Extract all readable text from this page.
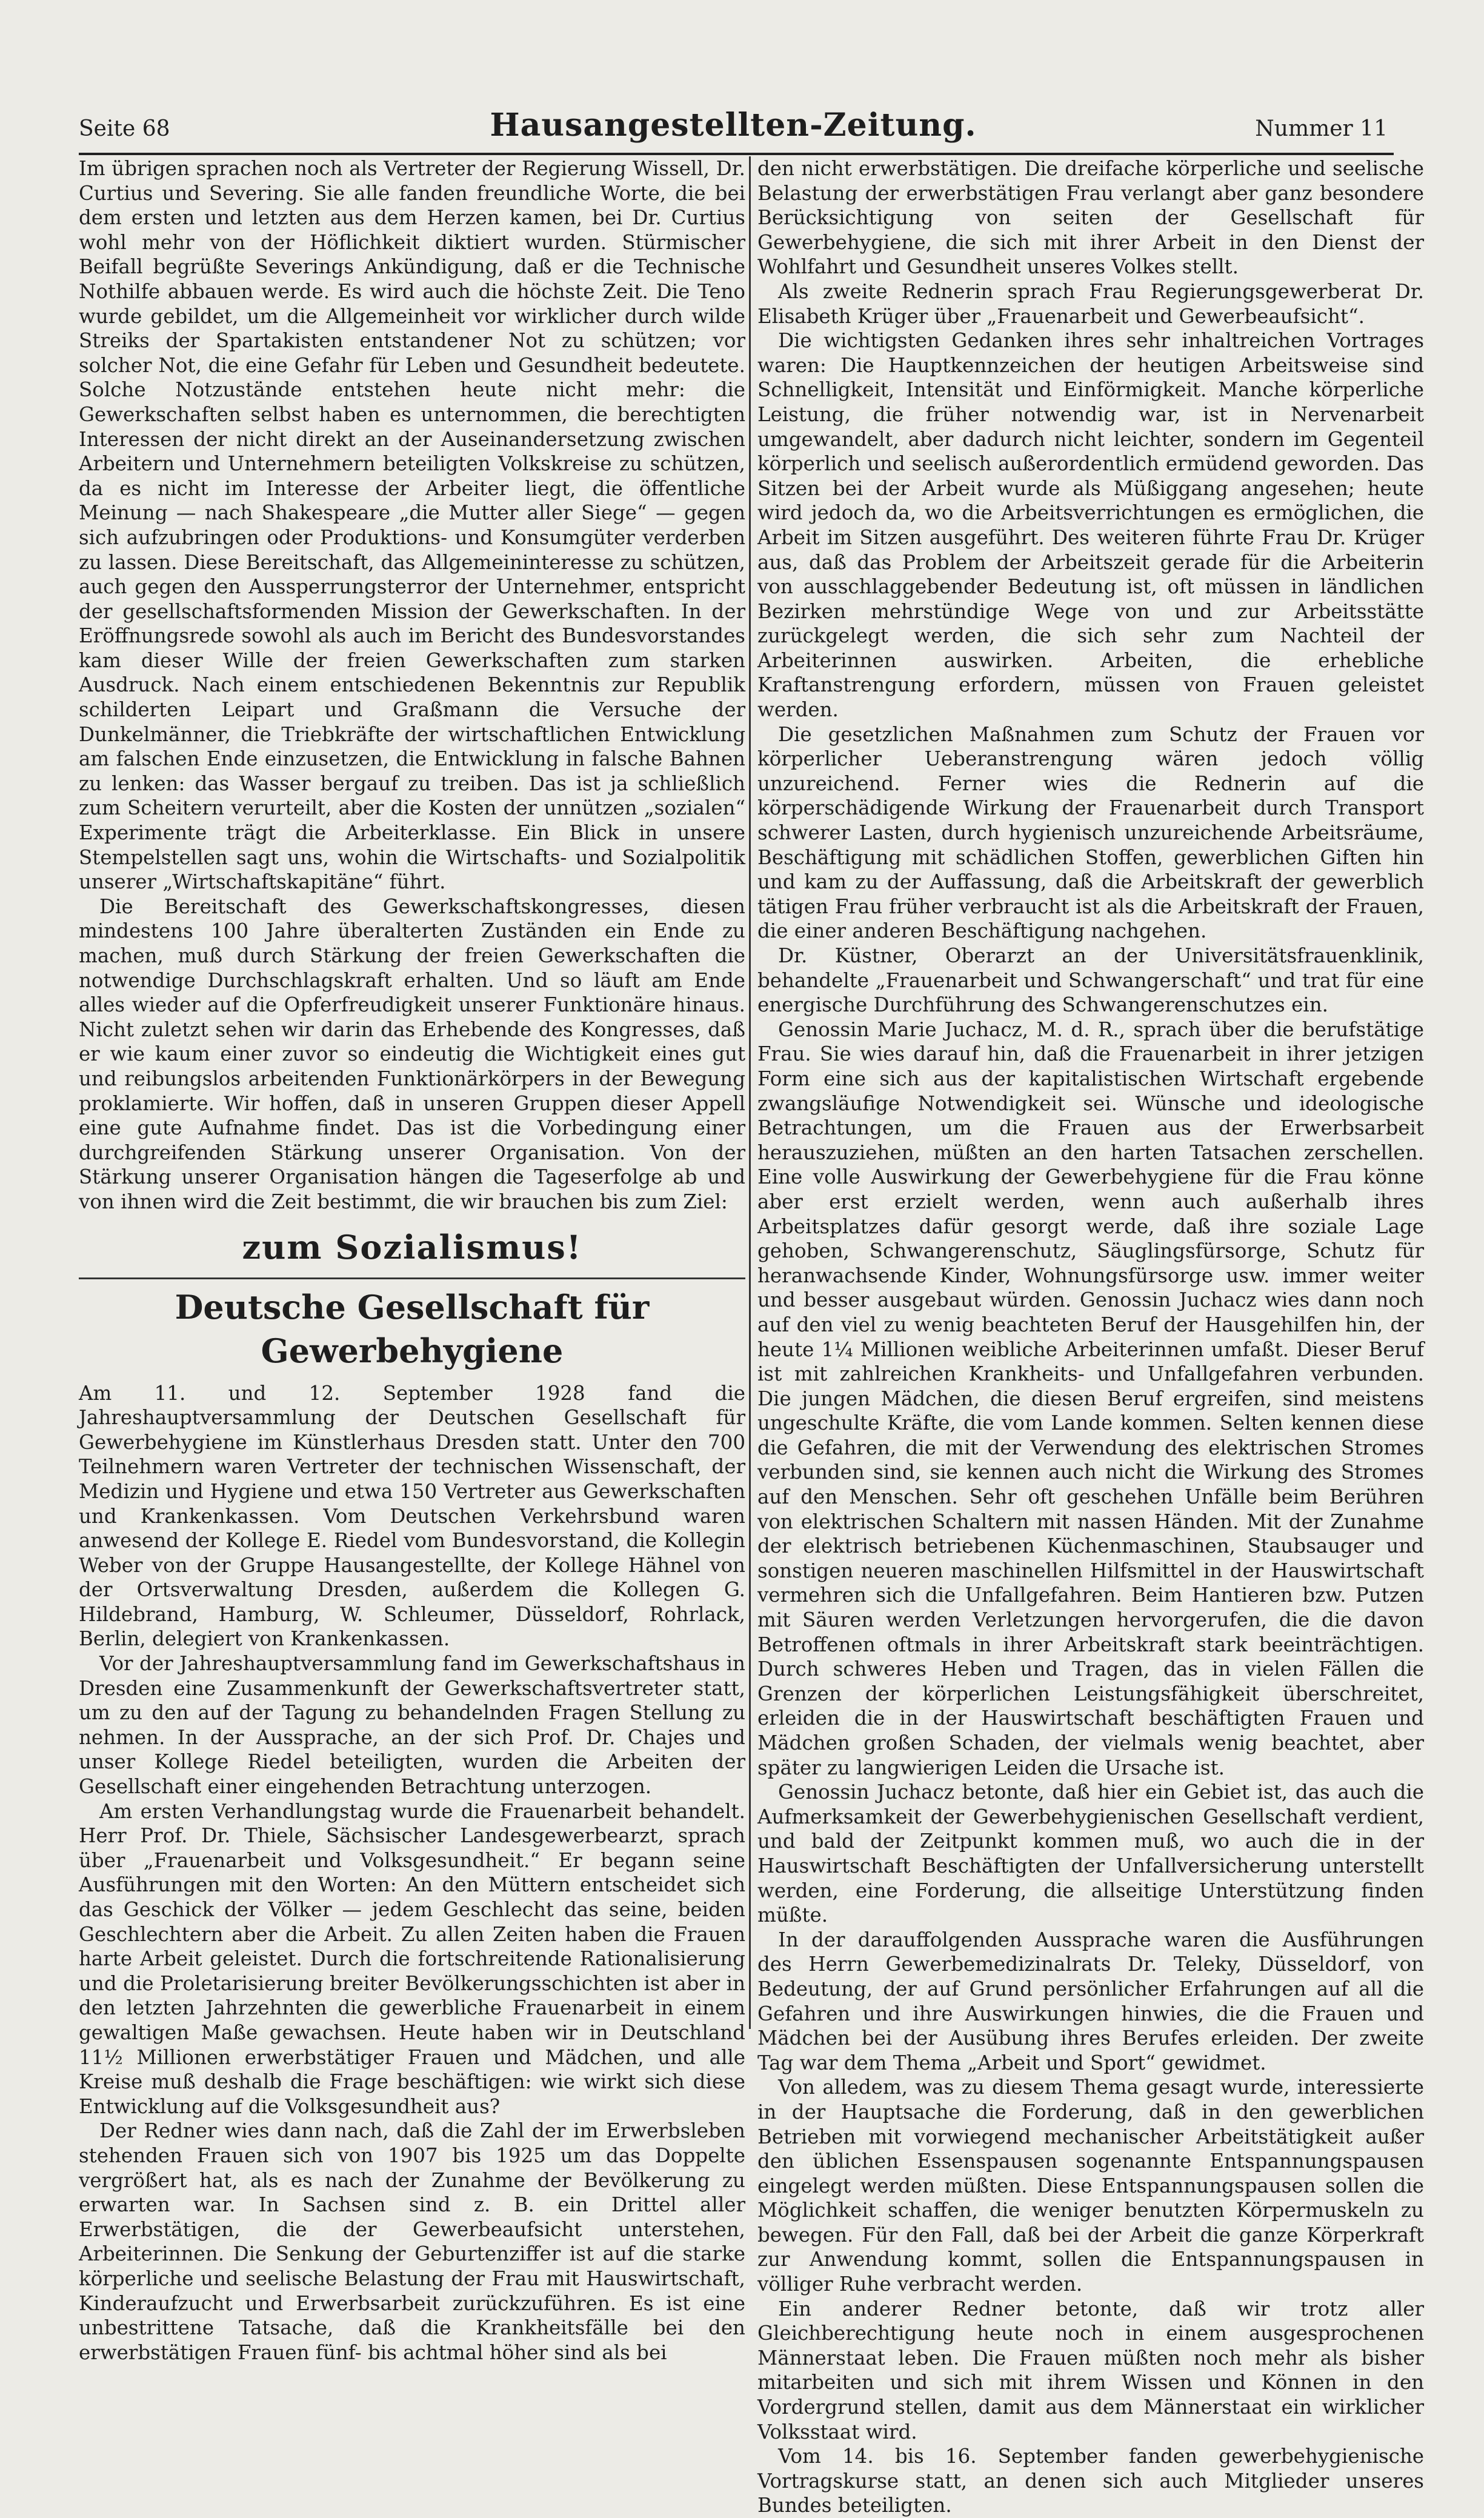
Seite 68	Hausangestellten-Zeitung.	Nummer 11

Im übrigen sprachen noch als Vertreter der Regierung Wissell, Dr. Curtius und Severing. Sie alle fanden freundliche Worte, die bei dem ersten und letzten aus dem Herzen kamen, bei Dr. Curtius wohl mehr von der Höflichkeit diktiert wurden. Stürmischer Beifall begrüßte Severings Ankündigung, daß er die Technische Nothilfe abbauen werde. Es wird auch die höchste Zeit. Die Teno wurde gebildet, um die Allgemeinheit vor wirklicher durch wilde Streiks der Spartakisten entstandener Not zu schützen; vor solcher Not, die eine Gefahr für Leben und Gesundheit bedeutete. Solche Notzustände entstehen heute nicht mehr: die Gewerkschaften selbst haben es unternommen, die berechtigten Interessen der nicht direkt an der Auseinandersetzung zwischen Arbeitern und Unternehmern beteiligten Volkskreise zu schützen, da es nicht im Interesse der Arbeiter liegt, die öffentliche Meinung — nach Shakespeare „die Mutter aller Siege“ — gegen sich aufzubringen oder Produktions- und Konsumgüter verderben zu lassen. Diese Bereitschaft, das Allgemeininteresse zu schützen, auch gegen den Aussperrungsterror der Unternehmer, entspricht der gesellschaftsformenden Mission der Gewerkschaften. In der Eröffnungsrede sowohl als auch im Bericht des Bundesvorstandes kam dieser Wille der freien Gewerkschaften zum starken Ausdruck. Nach einem entschiedenen Bekenntnis zur Republik schilderten Leipart und Graßmann die Versuche der Dunkelmänner, die Triebkräfte der wirtschaftlichen Entwicklung am falschen Ende einzusetzen, die Entwicklung in falsche Bahnen zu lenken: das Wasser bergauf zu treiben. Das ist ja schließlich zum Scheitern verurteilt, aber die Kosten der unnützen „sozialen“ Experimente trägt die Arbeiterklasse. Ein Blick in unsere Stempelstellen sagt uns, wohin die Wirtschafts- und Sozialpolitik unserer „Wirtschaftskapitäne“ führt.

Die Bereitschaft des Gewerkschaftskongresses, diesen mindestens 100 Jahre überalterten Zuständen ein Ende zu machen, muß durch Stärkung der freien Gewerkschaften die notwendige Durchschlagskraft erhalten. Und so läuft am Ende alles wieder auf die Opferfreudigkeit unserer Funktionäre hinaus. Nicht zuletzt sehen wir darin das Erhebende des Kongresses, daß er wie kaum einer zuvor so eindeutig die Wichtigkeit eines gut und reibungslos arbeitenden Funktionärkörpers in der Bewegung proklamierte. Wir hoffen, daß in unseren Gruppen dieser Appell eine gute Aufnahme findet. Das ist die Vorbedingung einer durchgreifenden Stärkung unserer Organisation. Von der Stärkung unserer Organisation hängen die Tageserfolge ab und von ihnen wird die Zeit bestimmt, die wir brauchen bis zum Ziel:

zum Sozialismus!
Deutsche Gesellschaft für Gewerbehygiene

Am 11. und 12. September 1928 fand die Jahreshauptversammlung der Deutschen Gesellschaft für Gewerbehygiene im Künstlerhaus Dresden statt. Unter den 700 Teilnehmern waren Vertreter der technischen Wissenschaft, der Medizin und Hygiene und etwa 150 Vertreter aus Gewerkschaften und Krankenkassen. Vom Deutschen Verkehrsbund waren anwesend der Kollege E. Riedel vom Bundesvorstand, die Kollegin Weber von der Gruppe Hausangestellte, der Kollege Hähnel von der Ortsverwaltung Dresden, außerdem die Kollegen G. Hildebrand, Hamburg, W. Schleumer, Düsseldorf, Rohrlack, Berlin, delegiert von Krankenkassen.

Vor der Jahreshauptversammlung fand im Gewerkschaftshaus in Dresden eine Zusammenkunft der Gewerkschaftsvertreter statt, um zu den auf der Tagung zu behandelnden Fragen Stellung zu nehmen. In der Aussprache, an der sich Prof. Dr. Chajes und unser Kollege Riedel beteiligten, wurden die Arbeiten der Gesellschaft einer eingehenden Betrachtung unterzogen.

Am ersten Verhandlungstag wurde die Frauenarbeit behandelt. Herr Prof. Dr. Thiele, Sächsischer Landesgewerbearzt, sprach über „Frauenarbeit und Volksgesundheit.“ Er begann seine Ausführungen mit den Worten: An den Müttern entscheidet sich das Geschick der Völker — jedem Geschlecht das seine, beiden Geschlechtern aber die Arbeit. Zu allen Zeiten haben die Frauen harte Arbeit geleistet. Durch die fortschreitende Rationalisierung und die Proletarisierung breiter Bevölkerungsschichten ist aber in den letzten Jahrzehnten die gewerbliche Frauenarbeit in einem gewaltigen Maße gewachsen. Heute haben wir in Deutschland 11½ Millionen erwerbstätiger Frauen und Mädchen, und alle Kreise muß deshalb die Frage beschäftigen: wie wirkt sich diese Entwicklung auf die Volksgesundheit aus?

Der Redner wies dann nach, daß die Zahl der im Erwerbsleben stehenden Frauen sich von 1907 bis 1925 um das Doppelte vergrößert hat, als es nach der Zunahme der Bevölkerung zu erwarten war. In Sachsen sind z. B. ein Drittel aller Erwerbstätigen, die der Gewerbeaufsicht unterstehen, Arbeiterinnen. Die Senkung der Geburtenziffer ist auf die starke körperliche und seelische Belastung der Frau mit Hauswirtschaft, Kinderaufzucht und Erwerbsarbeit zurückzuführen. Es ist eine unbestrittene Tatsache, daß die Krankheitsfälle bei den erwerbstätigen Frauen fünf- bis achtmal höher sind als bei

den nicht erwerbstätigen. Die dreifache körperliche und seelische Belastung der erwerbstätigen Frau verlangt aber ganz besondere Berücksichtigung von seiten der Gesellschaft für Gewerbehygiene, die sich mit ihrer Arbeit in den Dienst der Wohlfahrt und Gesundheit unseres Volkes stellt.

Als zweite Rednerin sprach Frau Regierungsgewerberat Dr. Elisabeth Krüger über „Frauenarbeit und Gewerbeaufsicht“.

Die wichtigsten Gedanken ihres sehr inhaltreichen Vortrages waren: Die Hauptkennzeichen der heutigen Arbeitsweise sind Schnelligkeit, Intensität und Einförmigkeit. Manche körperliche Leistung, die früher notwendig war, ist in Nervenarbeit umgewandelt, aber dadurch nicht leichter, sondern im Gegenteil körperlich und seelisch außerordentlich ermüdend geworden. Das Sitzen bei der Arbeit wurde als Müßiggang angesehen; heute wird jedoch da, wo die Arbeitsverrichtungen es ermöglichen, die Arbeit im Sitzen ausgeführt. Des weiteren führte Frau Dr. Krüger aus, daß das Problem der Arbeitszeit gerade für die Arbeiterin von ausschlaggebender Bedeutung ist, oft müssen in ländlichen Bezirken mehrstündige Wege von und zur Arbeitsstätte zurückgelegt werden, die sich sehr zum Nachteil der Arbeiterinnen auswirken. Arbeiten, die erhebliche Kraftanstrengung erfordern, müssen von Frauen geleistet werden.

Die gesetzlichen Maßnahmen zum Schutz der Frauen vor körperlicher Ueberanstrengung wären jedoch völlig unzureichend. Ferner wies die Rednerin auf die körperschädigende Wirkung der Frauenarbeit durch Transport schwerer Lasten, durch hygienisch unzureichende Arbeitsräume, Beschäftigung mit schädlichen Stoffen, gewerblichen Giften hin und kam zu der Auffassung, daß die Arbeitskraft der gewerblich tätigen Frau früher verbraucht ist als die Arbeitskraft der Frauen, die einer anderen Beschäftigung nachgehen.

Dr. Küstner, Oberarzt an der Universitätsfrauenklinik, behandelte „Frauenarbeit und Schwangerschaft“ und trat für eine energische Durchführung des Schwangerenschutzes ein.

Genossin Marie Juchacz, M. d. R., sprach über die berufstätige Frau. Sie wies darauf hin, daß die Frauenarbeit in ihrer jetzigen Form eine sich aus der kapitalistischen Wirtschaft ergebende zwangsläufige Notwendigkeit sei. Wünsche und ideologische Betrachtungen, um die Frauen aus der Erwerbsarbeit herauszuziehen, müßten an den harten Tatsachen zerschellen. Eine volle Auswirkung der Gewerbehygiene für die Frau könne aber erst erzielt werden, wenn auch außerhalb ihres Arbeitsplatzes dafür gesorgt werde, daß ihre soziale Lage gehoben, Schwangerenschutz, Säuglingsfürsorge, Schutz für heranwachsende Kinder, Wohnungsfürsorge usw. immer weiter und besser ausgebaut würden. Genossin Juchacz wies dann noch auf den viel zu wenig beachteten Beruf der Hausgehilfen hin, der heute 1¼ Millionen weibliche Arbeiterinnen umfaßt. Dieser Beruf ist mit zahlreichen Krankheits- und Unfallgefahren verbunden. Die jungen Mädchen, die diesen Beruf ergreifen, sind meistens ungeschulte Kräfte, die vom Lande kommen. Selten kennen diese die Gefahren, die mit der Verwendung des elektrischen Stromes verbunden sind, sie kennen auch nicht die Wirkung des Stromes auf den Menschen. Sehr oft geschehen Unfälle beim Berühren von elektrischen Schaltern mit nassen Händen. Mit der Zunahme der elektrisch betriebenen Küchenmaschinen, Staubsauger und sonstigen neueren maschinellen Hilfsmittel in der Hauswirtschaft vermehren sich die Unfallgefahren. Beim Hantieren bzw. Putzen mit Säuren werden Verletzungen hervorgerufen, die die davon Betroffenen oftmals in ihrer Arbeitskraft stark beeinträchtigen. Durch schweres Heben und Tragen, das in vielen Fällen die Grenzen der körperlichen Leistungsfähigkeit überschreitet, erleiden die in der Hauswirtschaft beschäftigten Frauen und Mädchen großen Schaden, der vielmals wenig beachtet, aber später zu langwierigen Leiden die Ursache ist.

Genossin Juchacz betonte, daß hier ein Gebiet ist, das auch die Aufmerksamkeit der Gewerbehygienischen Gesellschaft verdient, und bald der Zeitpunkt kommen muß, wo auch die in der Hauswirtschaft Beschäftigten der Unfallversicherung unterstellt werden, eine Forderung, die allseitige Unterstützung finden müßte.

In der darauffolgenden Aussprache waren die Ausführungen des Herrn Gewerbemedizinalrats Dr. Teleky, Düsseldorf, von Bedeutung, der auf Grund persönlicher Erfahrungen auf all die Gefahren und ihre Auswirkungen hinwies, die die Frauen und Mädchen bei der Ausübung ihres Berufes erleiden. Der zweite Tag war dem Thema „Arbeit und Sport“ gewidmet.

Von alledem, was zu diesem Thema gesagt wurde, interessierte in der Hauptsache die Forderung, daß in den gewerblichen Betrieben mit vorwiegend mechanischer Arbeitstätigkeit außer den üblichen Essenspausen sogenannte Entspannungspausen eingelegt werden müßten. Diese Entspannungspausen sollen die Möglichkeit schaffen, die weniger benutzten Körpermuskeln zu bewegen. Für den Fall, daß bei der Arbeit die ganze Körperkraft zur Anwendung kommt, sollen die Entspannungspausen in völliger Ruhe verbracht werden.

Ein anderer Redner betonte, daß wir trotz aller Gleichberechtigung heute noch in einem ausgesprochenen Männerstaat leben. Die Frauen müßten noch mehr als bisher mitarbeiten und sich mit ihrem Wissen und Können in den Vordergrund stellen, damit aus dem Männerstaat ein wirklicher Volksstaat wird.

Vom 14. bis 16. September fanden gewerbehygienische Vortragskurse statt, an denen sich auch Mitglieder unseres Bundes beteiligten.
